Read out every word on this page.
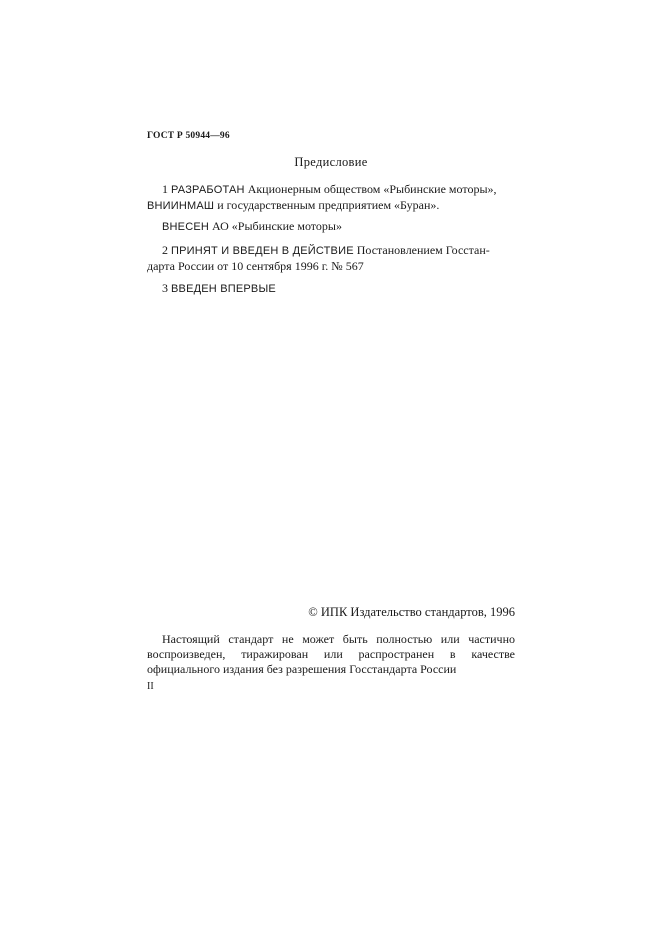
ГОСТ Р 50944—96
Предисловие
1 РАЗРАБОТАН Акционерным обществом «Рыбинские моторы»,
ВНИИНМАШ и государственным предприятием «Буран».
ВНЕСЕН АО «Рыбинские моторы»
2 ПРИНЯТ И ВВЕДЕН В ДЕЙСТВИЕ Постановлением Госстан-
дарта России от 10 сентября 1996 г. № 567
3 ВВЕДЕН ВПЕРВЫЕ
© ИПК Издательство стандартов, 1996
Настоящий стандарт не может быть полностью или частично воспроизведен, тиражирован или распространен в качестве официального издания без разрешения Госстандарта России
II
